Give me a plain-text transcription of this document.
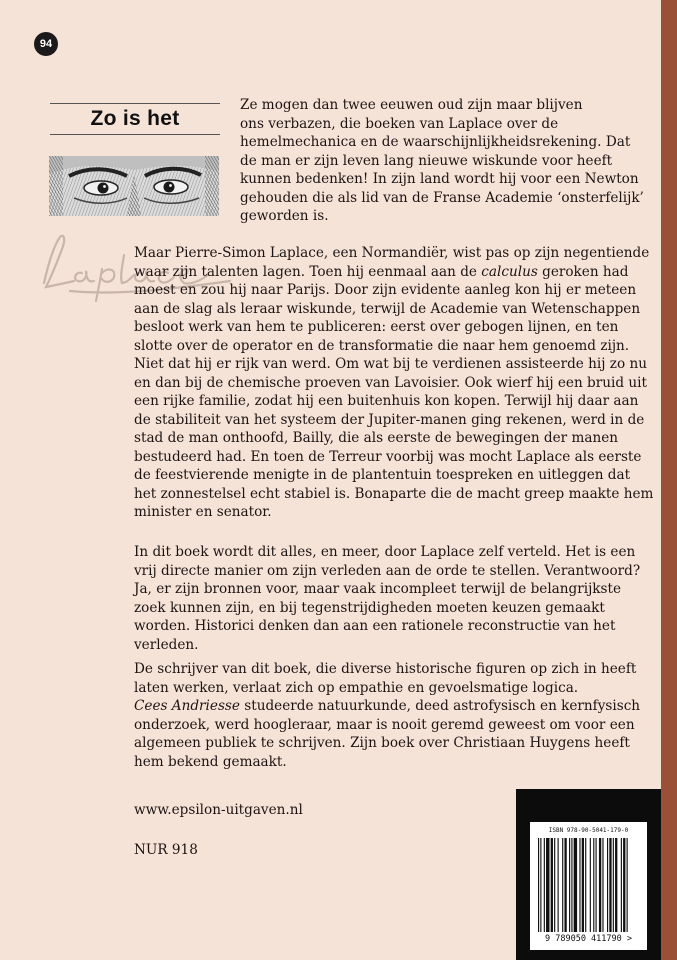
94
Zo is het

Ze mogen dan twee eeuwen oud zijn maar blijven

ons verbazen, die boeken van Laplace over de

hemelmechanica en de waarschijnlijkheidsrekening. Dat

de man er zijn leven lang nieuwe wiskunde voor heeft

kunnen bedenken! In zijn land wordt hij voor een Newton

gehouden die als lid van de Franse Academie ‘onsterfelijk’

geworden is.

Maar Pierre-Simon Laplace, een Normandiër, wist pas op zijn negentiende waar zijn talenten lagen. Toen hij eenmaal aan de calculus geroken had moest en zou hij naar Parijs. Door zijn evidente aanleg kon hij er meteen aan de slag als leraar wiskunde, terwijl de Academie van Wetenschappen besloot werk van hem te publiceren: eerst over gebogen lijnen, en ten slotte over de operator en de transformatie die naar hem genoemd zijn. Niet dat hij er rijk van werd. Om wat bij te verdienen assisteerde hij zo nu en dan bij de chemische proeven van Lavoisier. Ook wierf hij een bruid uit een rijke familie, zodat hij een buitenhuis kon kopen. Terwijl hij daar aan de stabiliteit van het systeem der Jupiter-manen ging rekenen, werd in de stad de man onthoofd, Bailly, die als eerste de bewegingen der manen bestudeerd had. En toen de Terreur voorbij was mocht Laplace als eerste de feestvierende menigte in de plantentuin toespreken en uitleggen dat het zonnestelsel echt stabiel is. Bonaparte die de macht greep maakte hem minister en senator.
In dit boek wordt dit alles, en meer, door Laplace zelf verteld. Het is een vrij directe manier om zijn verleden aan de orde te stellen. Verantwoord? Ja, er zijn bronnen voor, maar vaak incompleet terwijl de belangrijkste zoek kunnen zijn, en bij tegenstrijdigheden moeten keuzen gemaakt worden. Historici denken dan aan een rationele reconstructie van het verleden.
De schrijver van dit boek, die diverse historische figuren op zich in heeft laten werken, verlaat zich op empathie en gevoelsmatige logica.
Cees Andriesse studeerde natuurkunde, deed astrofysisch en kernfysisch onderzoek, werd hoogleraar, maar is nooit geremd geweest om voor een algemeen publiek te schrijven. Zijn boek over Christiaan Huygens heeft hem bekend gemaakt.
www.epsilon-uitgaven.nl
NUR 918
ISBN 978-90-5041-179-0
9 789050 411790 >
